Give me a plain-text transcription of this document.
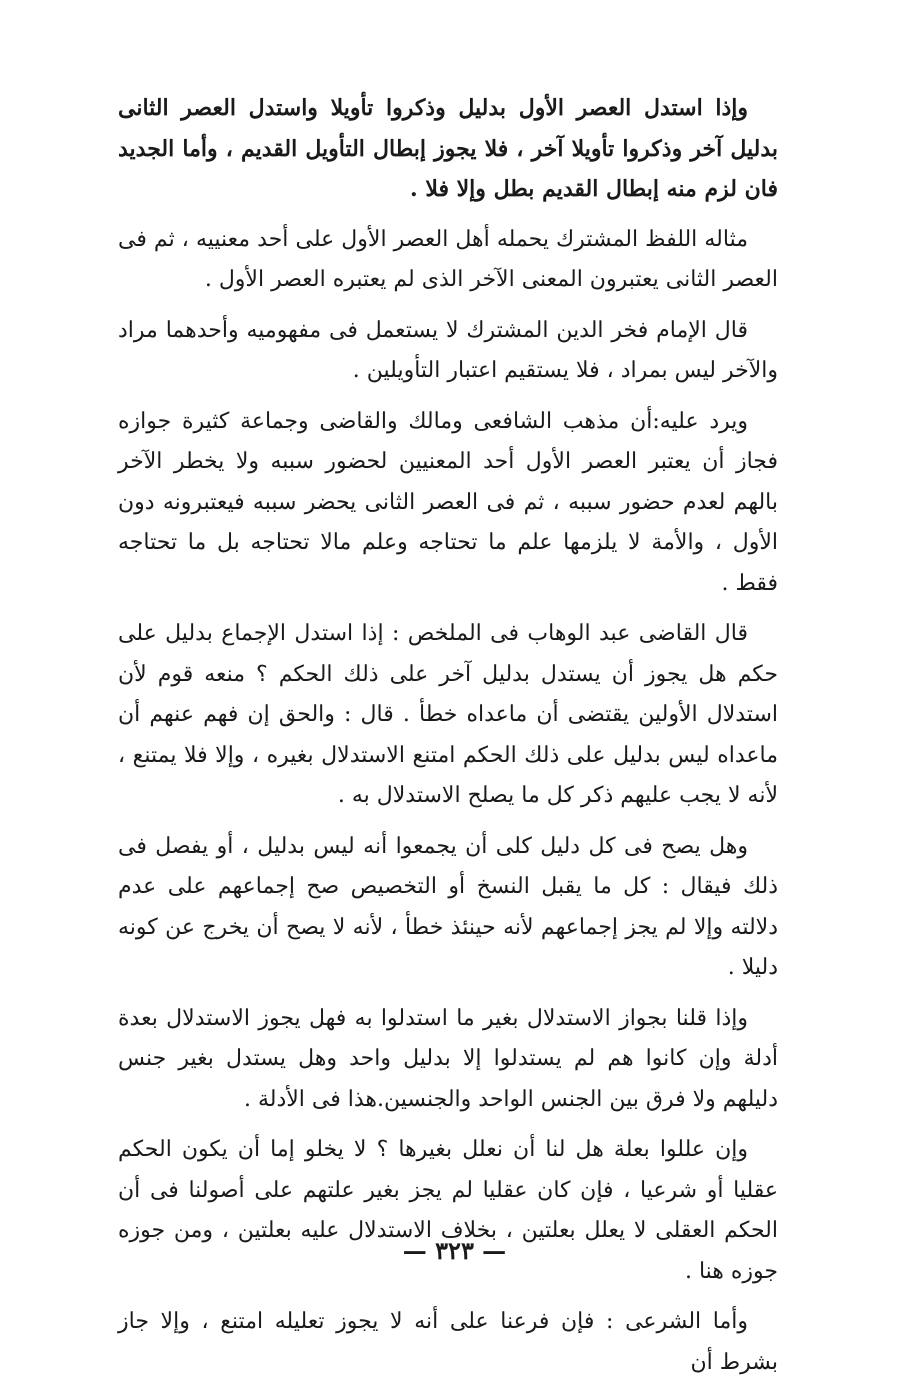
وإذا استدل العصر الأول بدليل وذكروا تأويلا واستدل العصر الثانى بدليل آخر وذكروا تأويلا آخر ، فلا يجوز إبطال التأويل القديم ، وأما الجديد فان لزم منه إبطال القديم بطل وإلا فلا .

مثاله اللفظ المشترك يحمله أهل العصر الأول على أحد معنييه ، ثم فى العصر الثانى يعتبرون المعنى الآخر الذى لم يعتبره العصر الأول .

قال الإمام فخر الدين المشترك لا يستعمل فى مفهوميه وأحدهما مراد والآخر ليس بمراد ، فلا يستقيم اعتبار التأويلين .

ويرد عليه:أن مذهب الشافعى ومالك والقاضى وجماعة كثيرة جوازه فجاز أن يعتبر العصر الأول أحد المعنيين لحضور سببه ولا يخطر الآخر بالهم لعدم حضور سببه ، ثم فى العصر الثانى يحضر سببه فيعتبرونه دون الأول ، والأمة لا يلزمها علم ما تحتاجه وعلم مالا تحتاجه بل ما تحتاجه فقط .

قال القاضى عبد الوهاب فى الملخص : إذا استدل الإجماع بدليل على حكم هل يجوز أن يستدل بدليل آخر على ذلك الحكم ؟ منعه قوم لأن استدلال الأولين يقتضى أن ماعداه خطأ . قال : والحق إن فهم عنهم أن ماعداه ليس بدليل على ذلك الحكم امتنع الاستدلال بغيره ، وإلا فلا يمتنع ، لأنه لا يجب عليهم ذكر كل ما يصلح الاستدلال به .

وهل يصح فى كل دليل كلى أن يجمعوا أنه ليس بدليل ، أو يفصل فى ذلك فيقال : كل ما يقبل النسخ أو التخصيص صح إجماعهم على عدم دلالته وإلا لم يجز إجماعهم لأنه حينئذ خطأ ، لأنه لا يصح أن يخرج عن كونه دليلا .

وإذا قلنا بجواز الاستدلال بغير ما استدلوا به فهل يجوز الاستدلال بعدة أدلة وإن كانوا هم لم يستدلوا إلا بدليل واحد وهل يستدل بغير جنس دليلهم ولا فرق بين الجنس الواحد والجنسين.هذا فى الأدلة .

وإن عللوا بعلة هل لنا أن نعلل بغيرها ؟ لا يخلو إما أن يكون الحكم عقليا أو شرعيا ، فإن كان عقليا لم يجز بغير علتهم على أصولنا فى أن الحكم العقلى لا يعلل بعلتين ، بخلاف الاستدلال عليه بعلتين ، ومن جوزه جوزه هنا .

وأما الشرعى : فإن فرعنا على أنه لا يجوز تعليله امتنع ، وإلا جاز بشرط أن

— ٣٢٣ —
